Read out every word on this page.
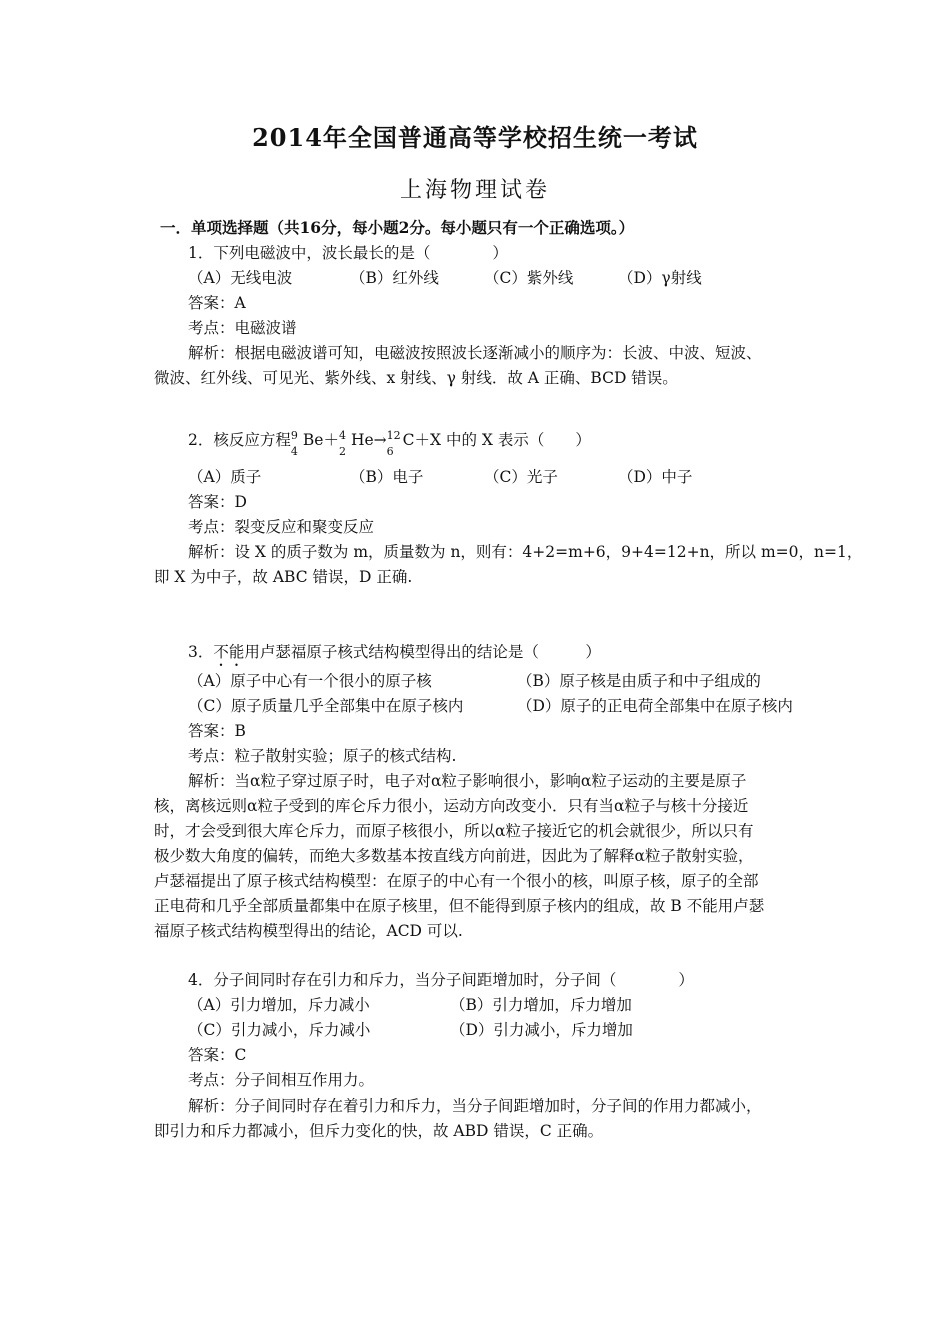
2014年全国普通高等学校招生统一考试
上海物理试卷
一．单项选择题（共16分，每小题2分。每小题只有一个正确选项。）
1．下列电磁波中，波长最长的是（　　　　）
（A）无线电波	（B）红外线	（C）紫外线	（D）γ射线
答案：A
考点：电磁波谱
解析：根据电磁波谱可知，电磁波按照波长逐渐减小的顺序为：长波、中波、短波、
微波、红外线、可见光、紫外线、x 射线、γ 射线．故 A 正确、BCD 错误。
2．核反应方程 9
4
Be＋ 4
2
He→ 12
6
C＋X 中的 X 表示（　　）
（A）质子	（B）电子	（C）光子	（D）中子
答案：D
考点：裂变反应和聚变反应
解析：设 X 的质子数为 m，质量数为 n，则有：4+2=m+6，9+4=12+n，所以 m=0，n=1，
即 X 为中子，故 ABC 错误，D 正确.
3．不能用卢瑟福原子核式结构模型得出的结论是（　　　）
（A）原子中心有一个很小的原子核	（B）原子核是由质子和中子组成的
（C）原子质量几乎全部集中在原子核内	（D）原子的正电荷全部集中在原子核内
答案：B
考点：粒子散射实验；原子的核式结构.
解析：当α粒子穿过原子时，电子对α粒子影响很小，影响α粒子运动的主要是原子
核，离核远则α粒子受到的库仑斥力很小，运动方向改变小．只有当α粒子与核十分接近
时，才会受到很大库仑斥力，而原子核很小，所以α粒子接近它的机会就很少，所以只有
极少数大角度的偏转，而绝大多数基本按直线方向前进，因此为了解释α粒子散射实验，
卢瑟福提出了原子核式结构模型：在原子的中心有一个很小的核，叫原子核，原子的全部
正电荷和几乎全部质量都集中在原子核里，但不能得到原子核内的组成，故 B 不能用卢瑟
福原子核式结构模型得出的结论，ACD 可以.
4．分子间同时存在引力和斥力，当分子间距增加时，分子间（　　　　）
（A）引力增加，斥力减小	（B）引力增加，斥力增加
（C）引力减小，斥力减小	（D）引力减小，斥力增加
答案：C
考点：分子间相互作用力。
解析：分子间同时存在着引力和斥力，当分子间距增加时，分子间的作用力都减小，
即引力和斥力都减小，但斥力变化的快，故 ABD 错误，C 正确。
